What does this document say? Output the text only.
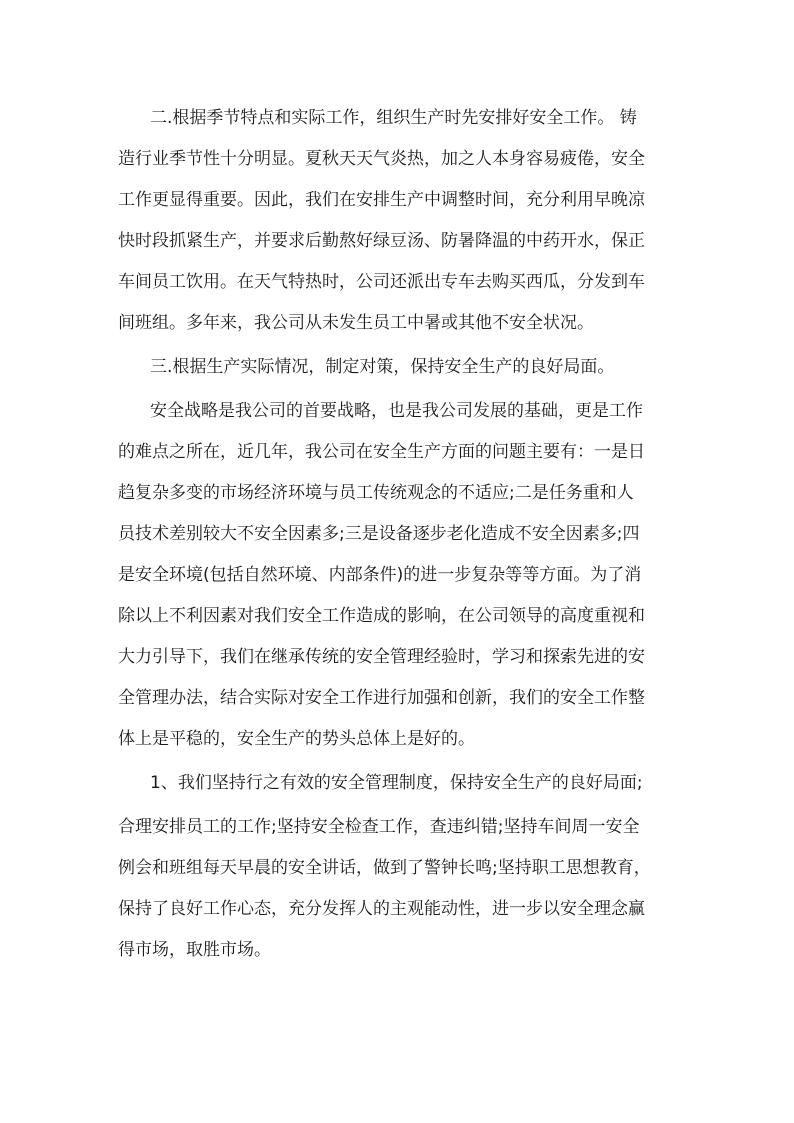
二.根据季节特点和实际工作，组织生产时先安排好安全工作。 铸
造行业季节性十分明显。夏秋天天气炎热，加之人本身容易疲倦，安全
工作更显得重要。因此，我们在安排生产中调整时间，充分利用早晚凉
快时段抓紧生产，并要求后勤熬好绿豆汤、防暑降温的中药开水，保正
车间员工饮用。在天气特热时，公司还派出专车去购买西瓜，分发到车
间班组。多年来，我公司从未发生员工中暑或其他不安全状况。
三.根据生产实际情况，制定对策，保持安全生产的良好局面。
安全战略是我公司的首要战略，也是我公司发展的基础，更是工作
的难点之所在，近几年，我公司在安全生产方面的问题主要有：一是日
趋复杂多变的市场经济环境与员工传统观念的不适应;二是任务重和人
员技术差别较大不安全因素多;三是设备逐步老化造成不安全因素多;四
是安全环境(包括自然环境、内部条件)的进一步复杂等等方面。为了消
除以上不利因素对我们安全工作造成的影响，在公司领导的高度重视和
大力引导下，我们在继承传统的安全管理经验时，学习和探索先进的安
全管理办法，结合实际对安全工作进行加强和创新，我们的安全工作整
体上是平稳的，安全生产的势头总体上是好的。
1、我们坚持行之有效的安全管理制度，保持安全生产的良好局面;
合理安排员工的工作;坚持安全检查工作，查违纠错;坚持车间周一安全
例会和班组每天早晨的安全讲话，做到了警钟长鸣;坚持职工思想教育，
保持了良好工作心态，充分发挥人的主观能动性，进一步以安全理念赢
得市场，取胜市场。
